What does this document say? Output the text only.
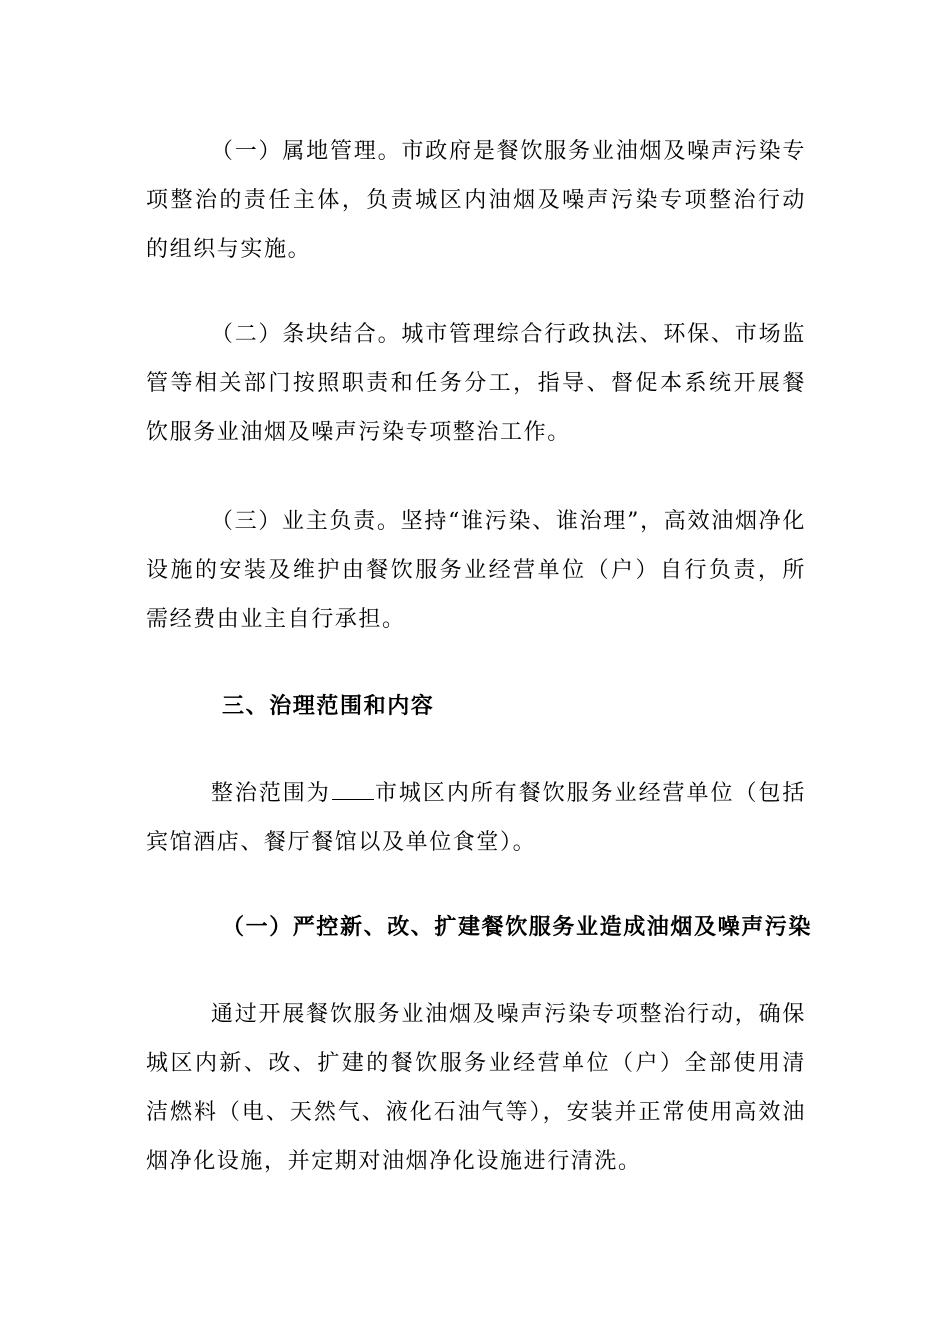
（一）属地管理。市政府是餐饮服务业油烟及噪声污染专项整治的责任主体，负责城区内油烟及噪声污染专项整治行动的组织与实施。

（二）条块结合。城市管理综合行政执法、环保、市场监管等相关部门按照职责和任务分工，指导、督促本系统开展餐饮服务业油烟及噪声污染专项整治工作。

（三）业主负责。坚持“谁污染、谁治理”，高效油烟净化设施的安装及维护由餐饮服务业经营单位（户）自行负责，所需经费由业主自行承担。

三、治理范围和内容

整治范围为 市城区内所有餐饮服务业经营单位（包括宾馆酒店、餐厅餐馆以及单位食堂）。

（一）严控新、改、扩建餐饮服务业造成油烟及噪声污染

通过开展餐饮服务业油烟及噪声污染专项整治行动，确保城区内新、改、扩建的餐饮服务业经营单位（户）全部使用清洁燃料（电、天然气、液化石油气等），安装并正常使用高效油烟净化设施，并定期对油烟净化设施进行清洗。
